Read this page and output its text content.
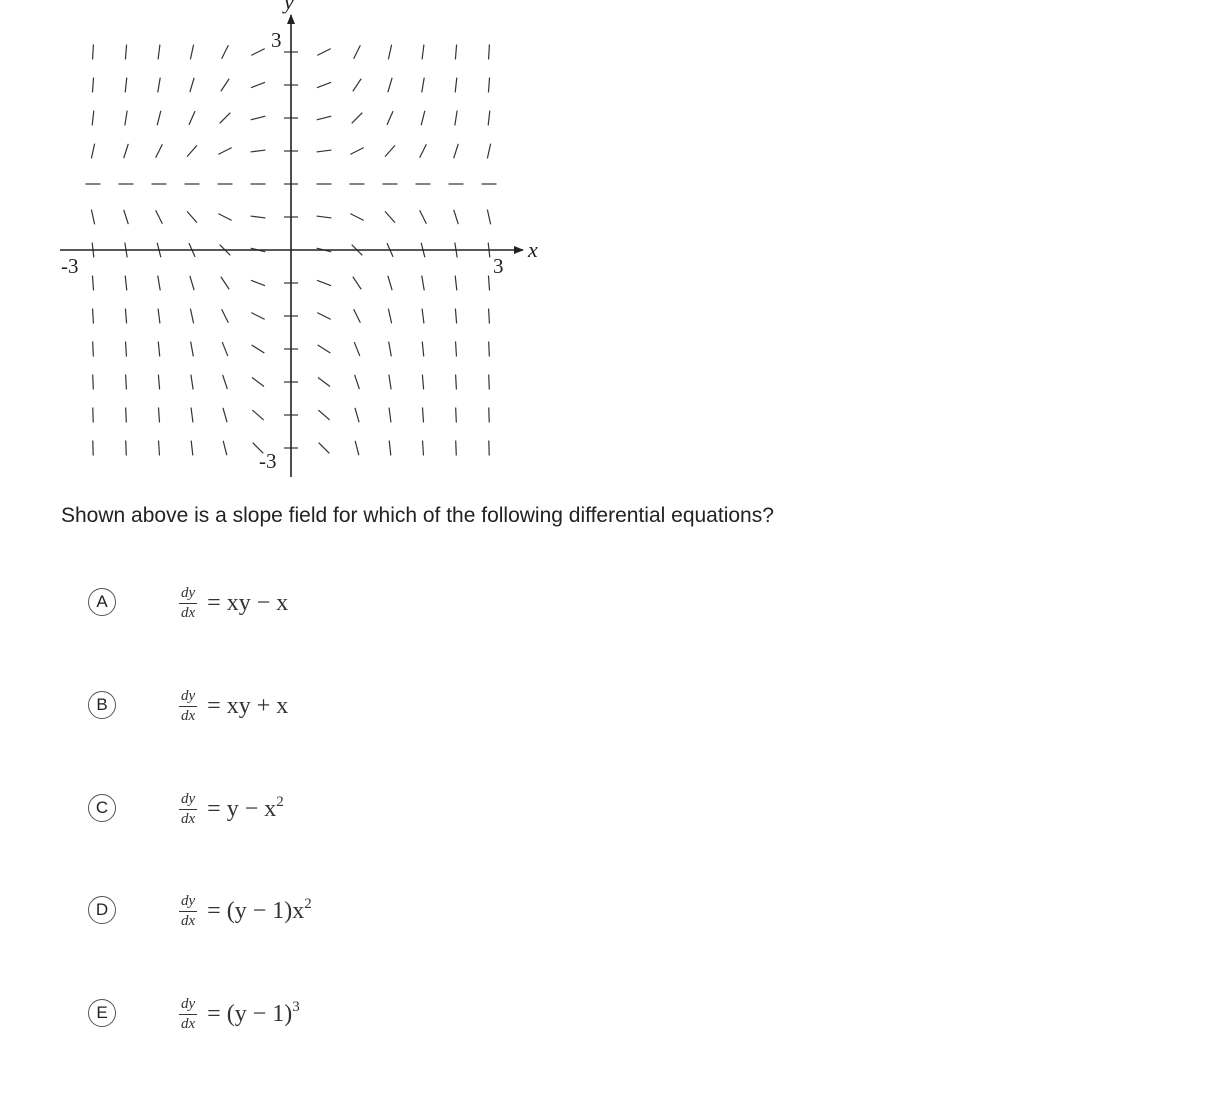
x
y
-3	3
3
-3
Shown above is a slope field for which of the following differential equations?
A	$\frac{dy}{dx}$ = xy − x
B	$\frac{dy}{dx}$ = xy + x
C	$\frac{dy}{dx} = y - x^2$
D	$\frac{dy}{dx} = (y - 1)x^2$
E	$\frac{dy}{dx} = (y - 1)^3$
